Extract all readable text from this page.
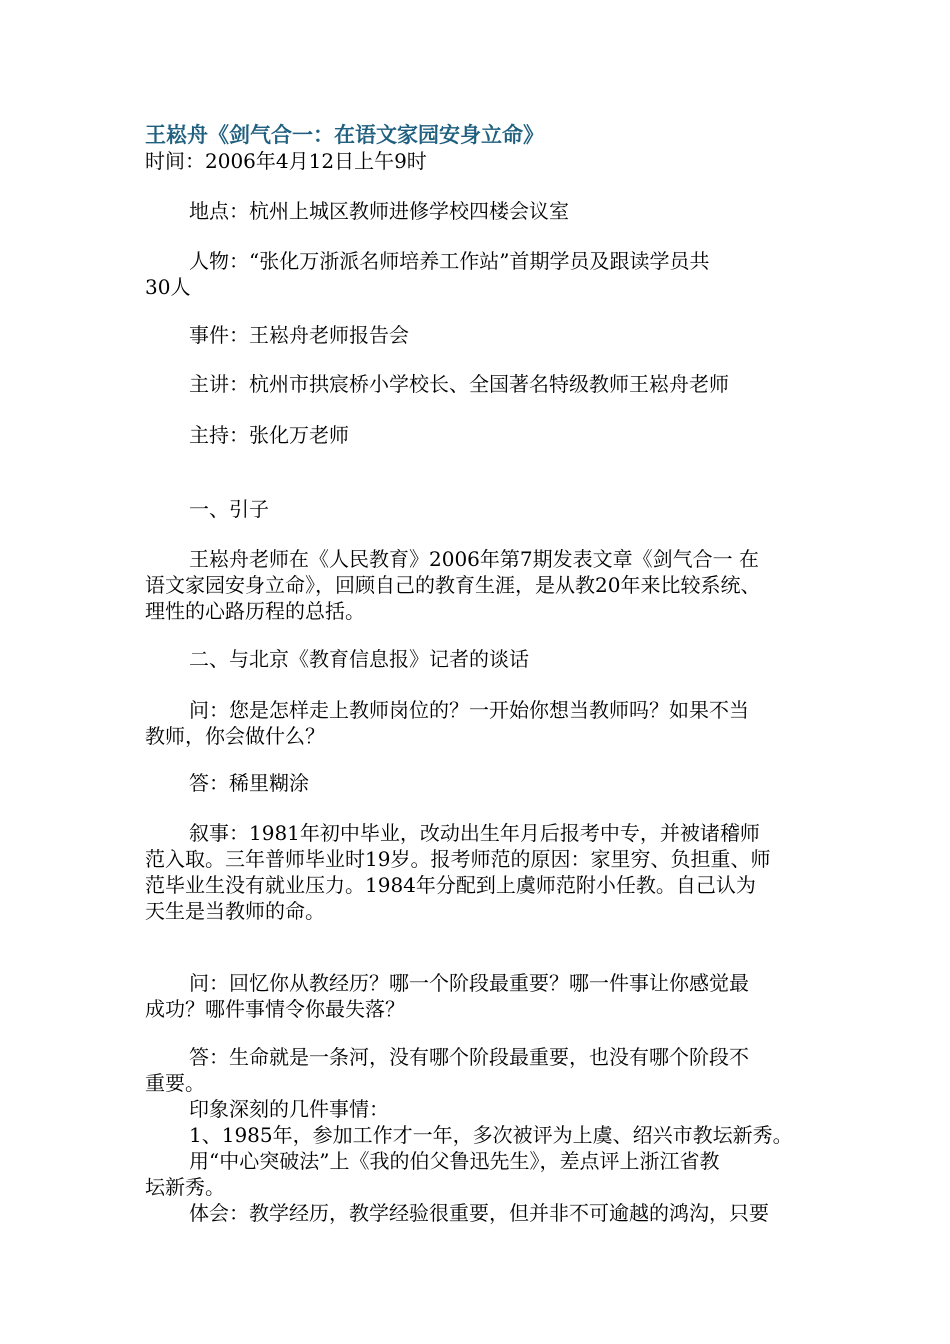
王崧舟《剑气合一：在语文家园安身立命》
时间：2006年4月12日上午9时
地点：杭州上城区教师进修学校四楼会议室
人物：“张化万浙派名师培养工作站”首期学员及跟读学员共
30人
事件：王崧舟老师报告会
主讲：杭州市拱宸桥小学校长、全国著名特级教师王崧舟老师
主持：张化万老师
一、引子
王崧舟老师在《人民教育》2006年第7期发表文章《剑气合一 在
语文家园安身立命》，回顾自己的教育生涯，是从教20年来比较系统、
理性的心路历程的总括。
二、与北京《教育信息报》记者的谈话
问：您是怎样走上教师岗位的？一开始你想当教师吗？如果不当
教师，你会做什么？
答：稀里糊涂
叙事：1981年初中毕业，改动出生年月后报考中专，并被诸稽师
范入取。三年普师毕业时19岁。报考师范的原因：家里穷、负担重、师
范毕业生没有就业压力。1984年分配到上虞师范附小任教。自己认为
天生是当教师的命。
问：回忆你从教经历？哪一个阶段最重要？哪一件事让你感觉最
成功？哪件事情令你最失落？
答：生命就是一条河，没有哪个阶段最重要，也没有哪个阶段不
重要。
印象深刻的几件事情：
1、1985年，参加工作才一年，多次被评为上虞、绍兴市教坛新秀。
用“中心突破法”上《我的伯父鲁迅先生》，差点评上浙江省教
坛新秀。
体会：教学经历，教学经验很重要，但并非不可逾越的鸿沟，只要
